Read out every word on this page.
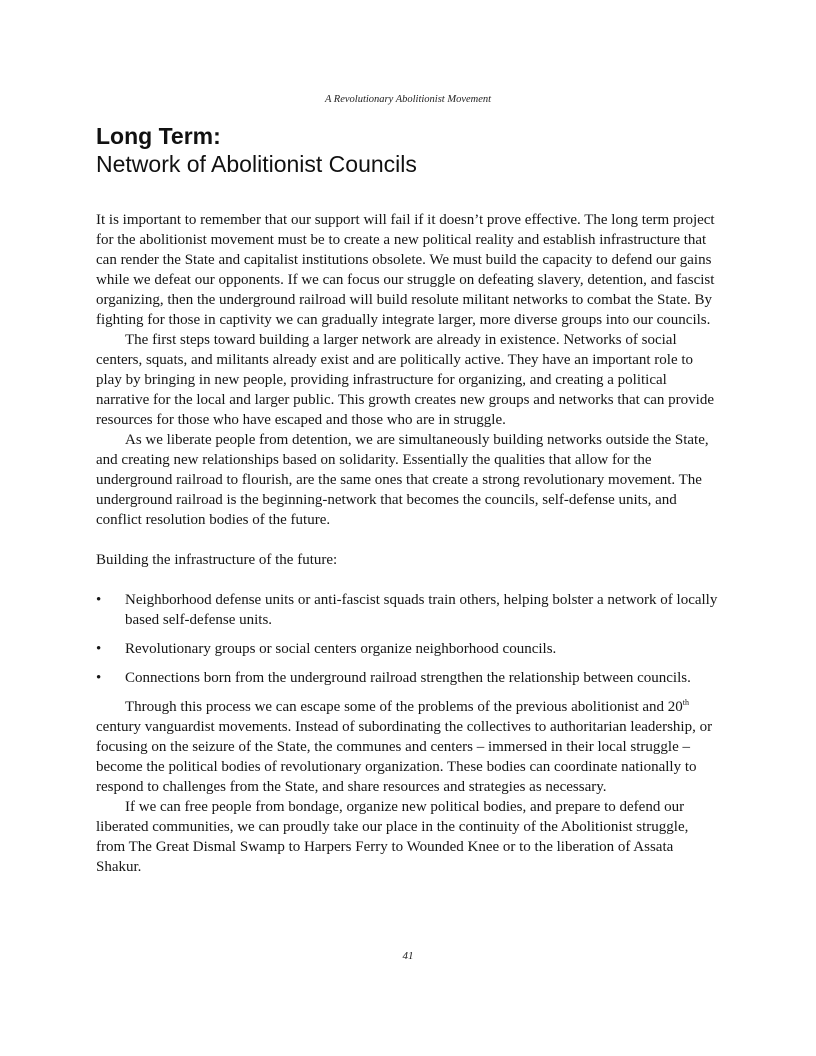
A Revolutionary Abolitionist Movement
Long Term:
Network of Abolitionist Councils

It is important to remember that our support will fail if it doesn’t prove effective. The long term project for the abolitionist movement must be to create a new political reality and establish infrastructure that can render the State and capitalist institutions obsolete. We must build the capacity to defend our gains while we defeat our opponents. If we can focus our struggle on defeating slavery, detention, and fascist organizing, then the underground railroad will build resolute militant networks to combat the State. By fighting for those in captivity we can gradually integrate larger, more diverse groups into our councils.

The first steps toward building a larger network are already in existence. Networks of social centers, squats, and militants already exist and are politically active. They have an important role to play by bringing in new people, providing infrastructure for organizing, and creating a political narrative for the local and larger public. This growth creates new groups and networks that can provide resources for those who have escaped and those who are in struggle.

As we liberate people from detention, we are simultaneously building networks outside the State, and creating new relationships based on solidarity. Essentially the qualities that allow for the underground railroad to flourish, are the same ones that create a strong revolutionary movement. The underground railroad is the beginning-network that becomes the councils, self-defense units, and conflict resolution bodies of the future.

Building the infrastructure of the future:

• Neighborhood defense units or anti-fascist squads train others, helping bolster a network of locally based self-defense units.
• Revolutionary groups or social centers organize neighborhood councils.
• Connections born from the underground railroad strengthen the relationship between councils.

Through this process we can escape some of the problems of the previous abolitionist and 20th century vanguardist movements. Instead of subordinating the collectives to authoritarian leadership, or focusing on the seizure of the State, the communes and centers – immersed in their local struggle – become the political bodies of revolutionary organization. These bodies can coordinate nationally to respond to challenges from the State, and share resources and strategies as necessary.

If we can free people from bondage, organize new political bodies, and prepare to defend our liberated communities, we can proudly take our place in the continuity of the Abolitionist struggle, from The Great Dismal Swamp to Harpers Ferry to Wounded Knee or to the liberation of Assata Shakur.

41
